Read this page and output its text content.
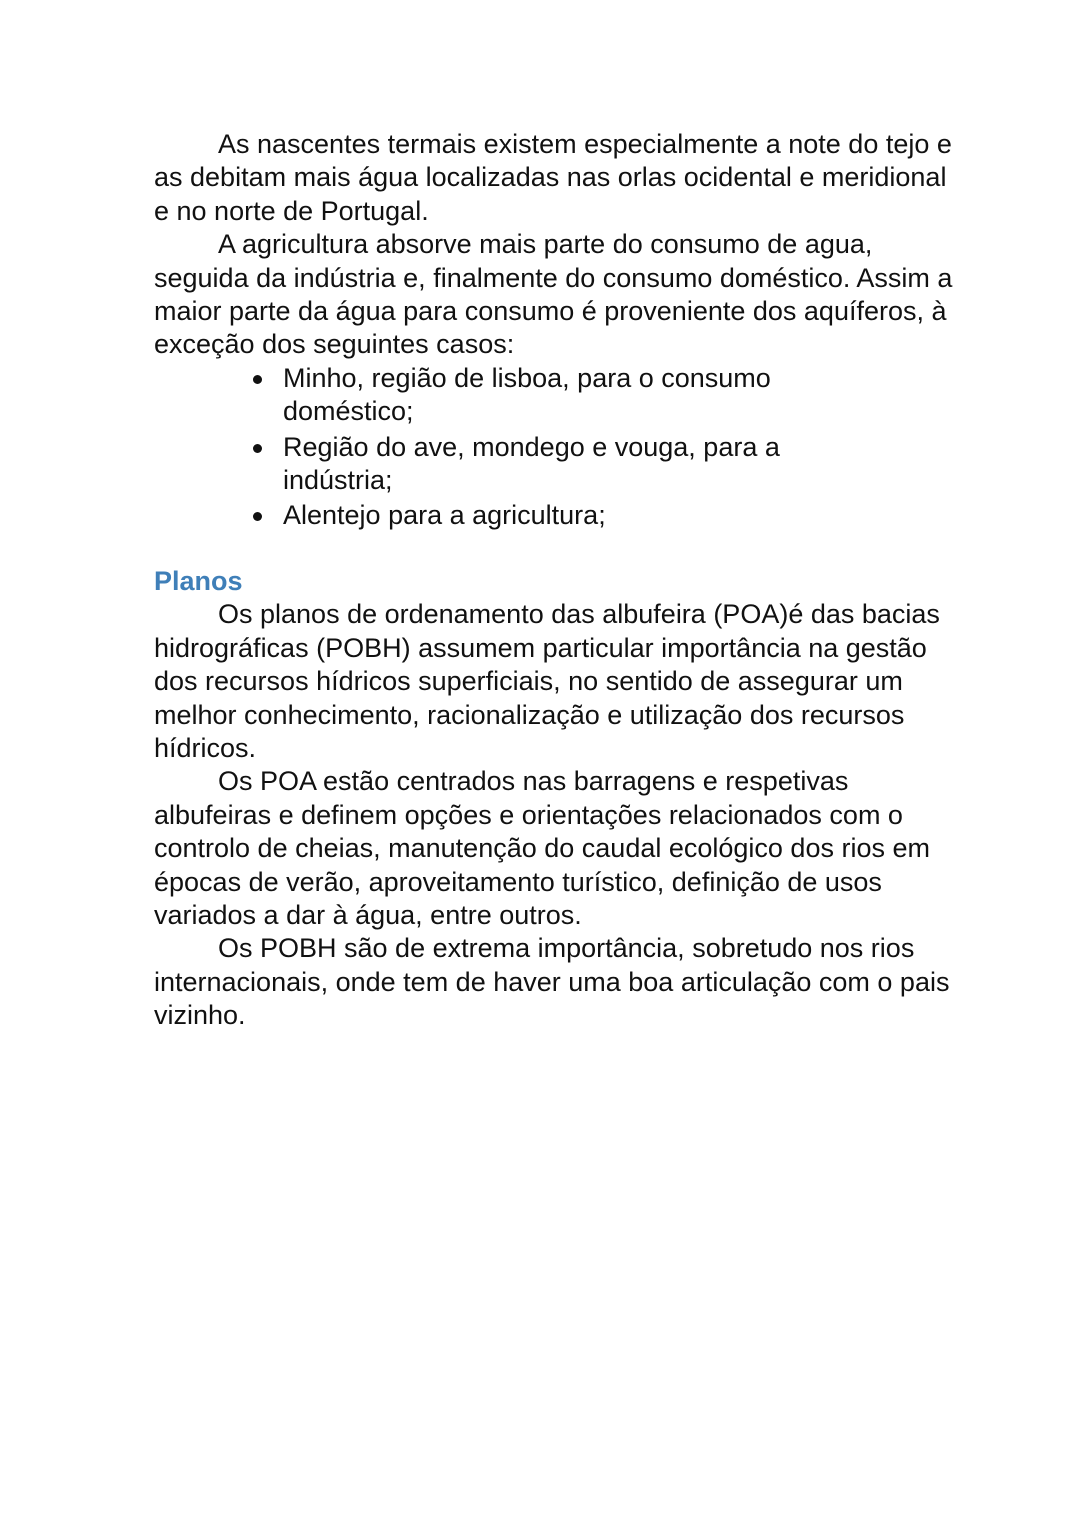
As nascentes termais existem especialmente a note do tejo e as debitam mais água localizadas nas orlas ocidental e meridional e no norte de Portugal.

A agricultura absorve mais parte do consumo de agua, seguida da indústria e, finalmente do consumo doméstico. Assim a maior parte da água para consumo é proveniente dos aquíferos, à exceção dos seguintes casos:

Minho, região de lisboa, para o consumo doméstico;
Região do ave, mondego e vouga, para a indústria;
Alentejo para a agricultura;
Planos

Os planos de ordenamento das albufeira (POA)é das bacias hidrográficas (POBH) assumem particular importância na gestão dos recursos hídricos superficiais, no sentido de assegurar um melhor conhecimento, racionalização e utilização dos recursos hídricos.

Os POA estão centrados nas barragens e respetivas albufeiras e definem opções e orientações relacionados com o controlo de cheias, manutenção do caudal ecológico dos rios em épocas de verão, aproveitamento turístico, definição de usos variados a dar à água, entre outros.

Os POBH são de extrema importância, sobretudo nos rios internacionais, onde tem de haver uma boa articulação com o pais vizinho.
